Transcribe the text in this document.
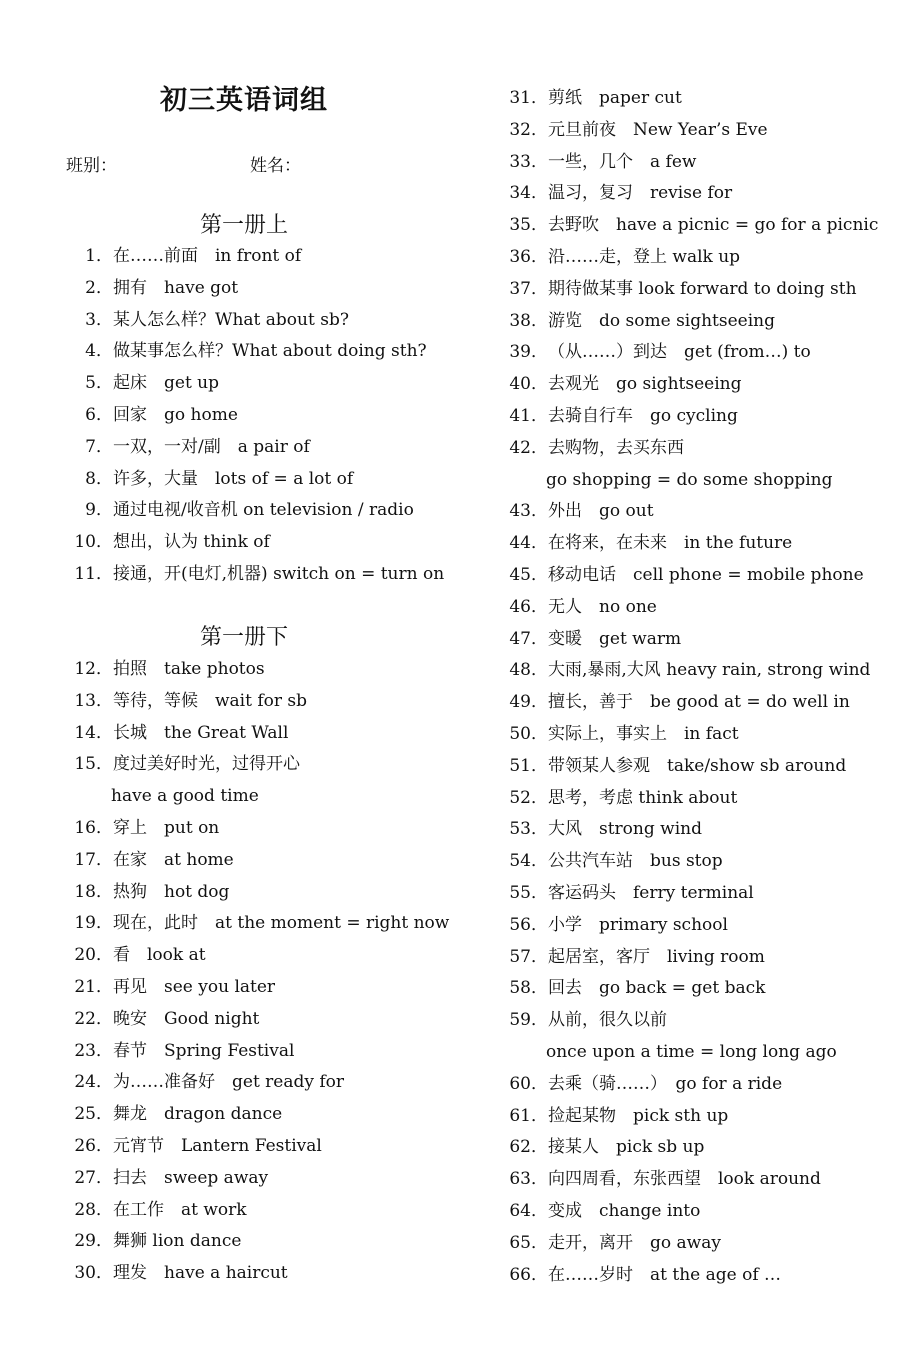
初三英语词组
班别：	姓名：
第一册上
第一册下
1．在……前面　in front of
2．拥有　have got
3．某人怎么样？What about sb?
4．做某事怎么样？What about doing sth?
5．起床　get up
6．回家　go home
7．一双，一对/副　a pair of
8．许多，大量　lots of = a lot of
9．通过电视/收音机 on television / radio
10．想出，认为 think of
11．接通，开(电灯,机器) switch on = turn on
12．拍照　take photos
13．等待，等候　wait for sb
14．长城　the Great Wall
15．度过美好时光，过得开心
have a good time
16．穿上　put on
17．在家　at home
18．热狗　hot dog
19．现在，此时　at the moment = right now
20．看　look at
21．再见　see you later
22．晚安　Good night
23．春节　Spring Festival
24．为……准备好　get ready for
25．舞龙　dragon dance
26．元宵节　Lantern Festival
27．扫去　sweep away
28．在工作　at work
29．舞狮 lion dance
30．理发　have a haircut
31．剪纸　paper cut
32．元旦前夜　New Year’s Eve
33．一些，几个　a few
34．温习，复习　revise for
35．去野吹　have a picnic = go for a picnic
36．沿……走，登上 walk up
37．期待做某事 look forward to doing sth
38．游览　do some sightseeing
39．（从……）到达　get (from…) to
40．去观光　go sightseeing
41．去骑自行车　go cycling
42．去购物，去买东西
go shopping = do some shopping
43．外出　go out
44．在将来，在未来　in the future
45．移动电话　cell phone = mobile phone
46．无人　no one
47．变暖　get warm
48．大雨,暴雨,大风 heavy rain, strong wind
49．擅长，善于　be good at = do well in
50．实际上，事实上　in fact
51．带领某人参观　take/show sb around
52．思考，考虑 think about
53．大风　strong wind
54．公共汽车站　bus stop
55．客运码头　ferry terminal
56．小学　primary school
57．起居室，客厅　living room
58．回去　go back = get back
59．从前，很久以前
once upon a time = long long ago
60．去乘（骑……）　go for a ride
61．捡起某物　pick sth up
62．接某人　pick sb up
63．向四周看，东张西望　look around
64．变成　change into
65．走开，离开　go away
66．在……岁时　at the age of …
